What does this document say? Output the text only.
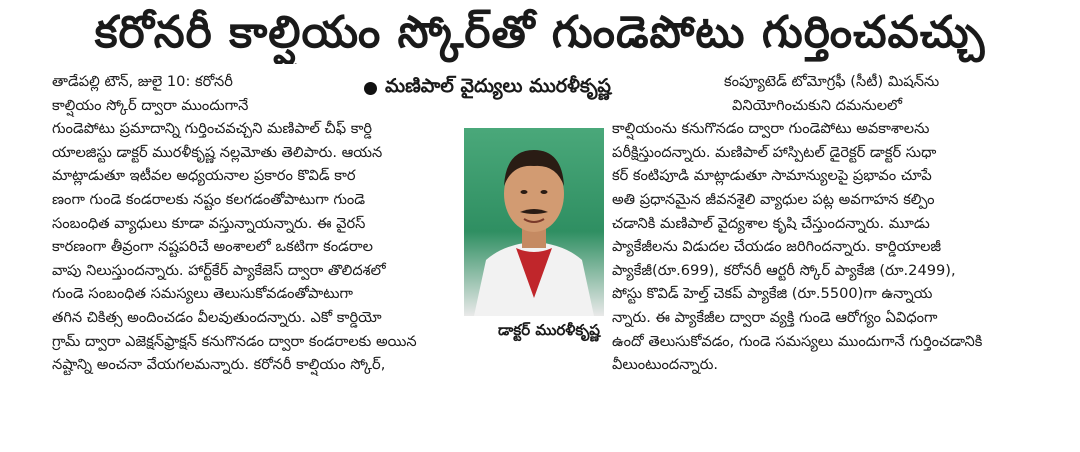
కరోనరీ కాల్షియం స్కోర్‌తో గుండెపోటు గుర్తించవచ్చు
మణిపాల్ వైద్యులు మురళీకృష్ణ

తాడేపల్లి టౌన్, జులై 10: కరోనరీ

కాల్షియం స్కోర్ ద్వారా ముందుగానే

గుండెపోటు ప్రమాదాన్ని గుర్తించవచ్చని మణిపాల్ చీఫ్ కార్డి

యాలజిస్టు డాక్టర్ మురళీకృష్ణ నల్లమోతు తెలిపారు. ఆయన

మాట్లాడుతూ ఇటీవల అధ్యయనాల ప్రకారం కొవిడ్ కార

ణంగా గుండె కండరాలకు నష్టం కలగడంతోపాటుగా గుండె

సంబంధిత వ్యాధులు కూడా వస్తున్నాయన్నారు. ఈ వైరస్

కారణంగా తీవ్రంగా నష్టపరిచే అంశాలలో ఒకటిగా కండరాల

వాపు నిలుస్తుందన్నారు. హార్ట్‌కేర్ ప్యాకేజెస్ ద్వారా తొలిదశలో

గుండె సంబంధిత సమస్యలు తెలుసుకోవడంతోపాటుగా

తగిన చికిత్స అందించడం వీలవుతుందన్నారు. ఎకో కార్డియో

గ్రామ్ ద్వారా ఎజెక్షన్‌ఫ్రాక్షన్ కనుగొనడం ద్వారా కండరాలకు అయిన

నష్టాన్ని అంచనా వేయగలమన్నారు. కరోనరీ కాల్షియం స్కోర్,

డాక్టర్ మురళీకృష్ణ

కంప్యూటెడ్ టోమోగ్రఫీ (సీటీ) మిషన్‌ను

వినియోగించుకుని దమనులలో

కాల్షియంను కనుగొనడం ద్వారా గుండెపోటు అవకాశాలను

పరీక్షిస్తుందన్నారు. మణిపాల్ హాస్పిటల్ డైరెక్టర్ డాక్టర్ సుధా

కర్ కంటిపూడి మాట్లాడుతూ సామాన్యులపై ప్రభావం చూపే

అతి ప్రధానమైన జీవనశైలి వ్యాధుల పట్ల అవగాహన కల్పిం

చడానికి మణిపాల్ వైద్యశాల కృషి చేస్తుందన్నారు. మూడు

ప్యాకేజీలను విడుదల చేయడం జరిగిందన్నారు. కార్డియాలజీ

ప్యాకేజీ(రూ.699), కరోనరీ ఆర్టరీ స్కోర్ ప్యాకేజి (రూ.2499),

పోస్టు కొవిడ్ హెల్త్ చెకప్ ప్యాకేజి (రూ.5500)గా ఉన్నాయ

న్నారు. ఈ ప్యాకేజీల ద్వారా వ్యక్తి గుండె ఆరోగ్యం ఏవిధంగా

ఉందో తెలుసుకోవడం, గుండె సమస్యలు ముందుగానే గుర్తించడానికి

వీలుంటుందన్నారు.
